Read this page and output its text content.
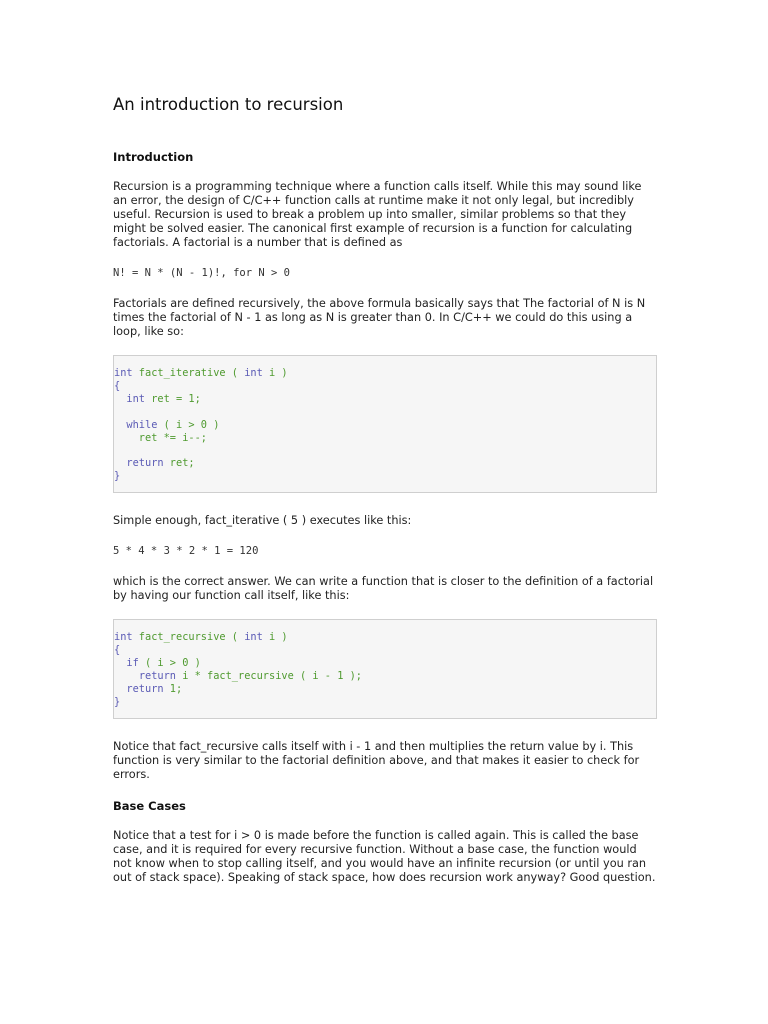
An introduction to recursion
Introduction

Recursion is a programming technique where a function calls itself. While this may sound like an error, the design of C/C++ function calls at runtime make it not only legal, but incredibly useful. Recursion is used to break a problem up into smaller, similar problems so that they might be solved easier. The canonical first example of recursion is a function for calculating factorials. A factorial is a number that is defined as

N! = N * (N - 1)!, for N > 0

Factorials are defined recursively, the above formula basically says that The factorial of N is N times the factorial of N - 1 as long as N is greater than 0. In C/C++ we could do this using a loop, like so:

int fact_iterative ( int i )
{
int ret = 1;

while ( i > 0 )
ret *= i--;

return ret;
}

Simple enough, fact_iterative ( 5 ) executes like this:

5 * 4 * 3 * 2 * 1 = 120

which is the correct answer. We can write a function that is closer to the definition of a factorial by having our function call itself, like this:

int fact_recursive ( int i )
{
if ( i > 0 )
return i * fact_recursive ( i - 1 );
return 1;
}

Notice that fact_recursive calls itself with i - 1 and then multiplies the return value by i. This function is very similar to the factorial definition above, and that makes it easier to check for errors.

Base Cases

Notice that a test for i > 0 is made before the function is called again. This is called the base case, and it is required for every recursive function. Without a base case, the function would not know when to stop calling itself, and you would have an infinite recursion (or until you ran out of stack space). Speaking of stack space, how does recursion work anyway? Good question.
